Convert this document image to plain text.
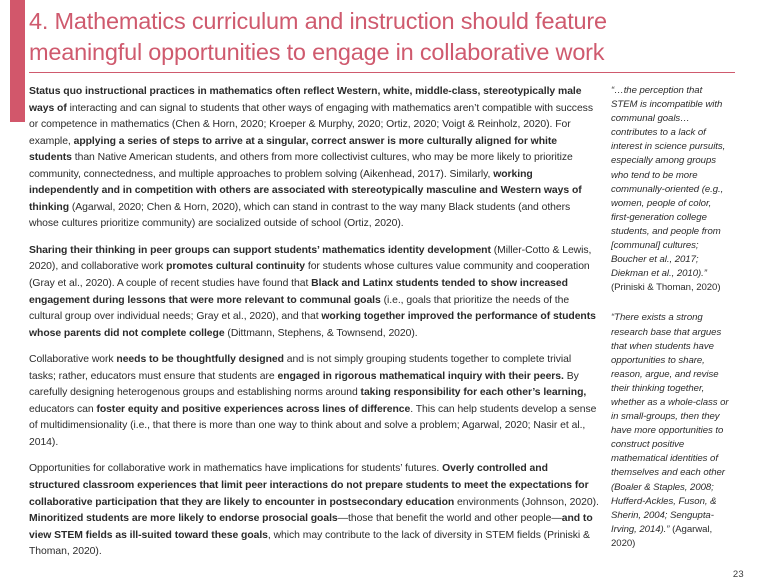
4. Mathematics curriculum and instruction should feature
meaningful opportunities to engage in collaborative work

Status quo instructional practices in mathematics often reflect Western, white, middle-class, stereotypically male ways of interacting and can signal to students that other ways of engaging with mathematics aren’t compatible with success or competence in mathematics (Chen & Horn, 2020; Kroeper & Murphy, 2020; Ortiz, 2020; Voigt & Reinholz, 2020). For example, applying a series of steps to arrive at a singular, correct answer is more culturally aligned for white students than Native American students, and others from more collectivist cultures, who may be more likely to prioritize community, connectedness, and multiple approaches to problem solving (Aikenhead, 2017). Similarly, working independently and in competition with others are associated with stereotypically masculine and Western ways of thinking (Agarwal, 2020; Chen & Horn, 2020), which can stand in contrast to the way many Black students (and others whose cultures prioritize community) are socialized outside of school (Ortiz, 2020).

Sharing their thinking in peer groups can support students’ mathematics identity development (Miller-Cotto & Lewis, 2020), and collaborative work promotes cultural continuity for students whose cultures value community and cooperation (Gray et al., 2020). A couple of recent studies have found that Black and Latinx students tended to show increased engagement during lessons that were more relevant to communal goals (i.e., goals that prioritize the needs of the cultural group over individual needs; Gray et al., 2020), and that working together improved the performance of students whose parents did not complete college (Dittmann, Stephens, & Townsend, 2020).

Collaborative work needs to be thoughtfully designed and is not simply grouping students together to complete trivial tasks; rather, educators must ensure that students are engaged in rigorous mathematical inquiry with their peers. By carefully designing heterogenous groups and establishing norms around taking responsibility for each other’s learning, educators can foster equity and positive experiences across lines of difference. This can help students develop a sense of multidimensionality (i.e., that there is more than one way to think about and solve a problem; Agarwal, 2020; Nasir et al., 2014).

Opportunities for collaborative work in mathematics have implications for students’ futures. Overly controlled and structured classroom experiences that limit peer interactions do not prepare students to meet the expectations for collaborative participation that they are likely to encounter in postsecondary education environments (Johnson, 2020). Minoritized students are more likely to endorse prosocial goals—those that benefit the world and other people—and to view STEM fields as ill-suited toward these goals, which may contribute to the lack of diversity in STEM fields (Priniski & Thoman, 2020).

“…the perception that STEM is incompatible with communal goals… contributes to a lack of interest in science pursuits, especially among groups who tend to be more communally-oriented (e.g., women, people of color, first-generation college students, and people from [communal] cultures; Boucher et al., 2017; Diekman et al., 2010).” (Priniski & Thoman, 2020)

“There exists a strong research base that argues that when students have opportunities to share, reason, argue, and revise their thinking together, whether as a whole-class or in small-groups, then they have more opportunities to construct positive mathematical identities of themselves and each other (Boaler & Staples, 2008; Hufferd-Ackles, Fuson, & Sherin, 2004; Sengupta-Irving, 2014).” (Agarwal, 2020)

23
